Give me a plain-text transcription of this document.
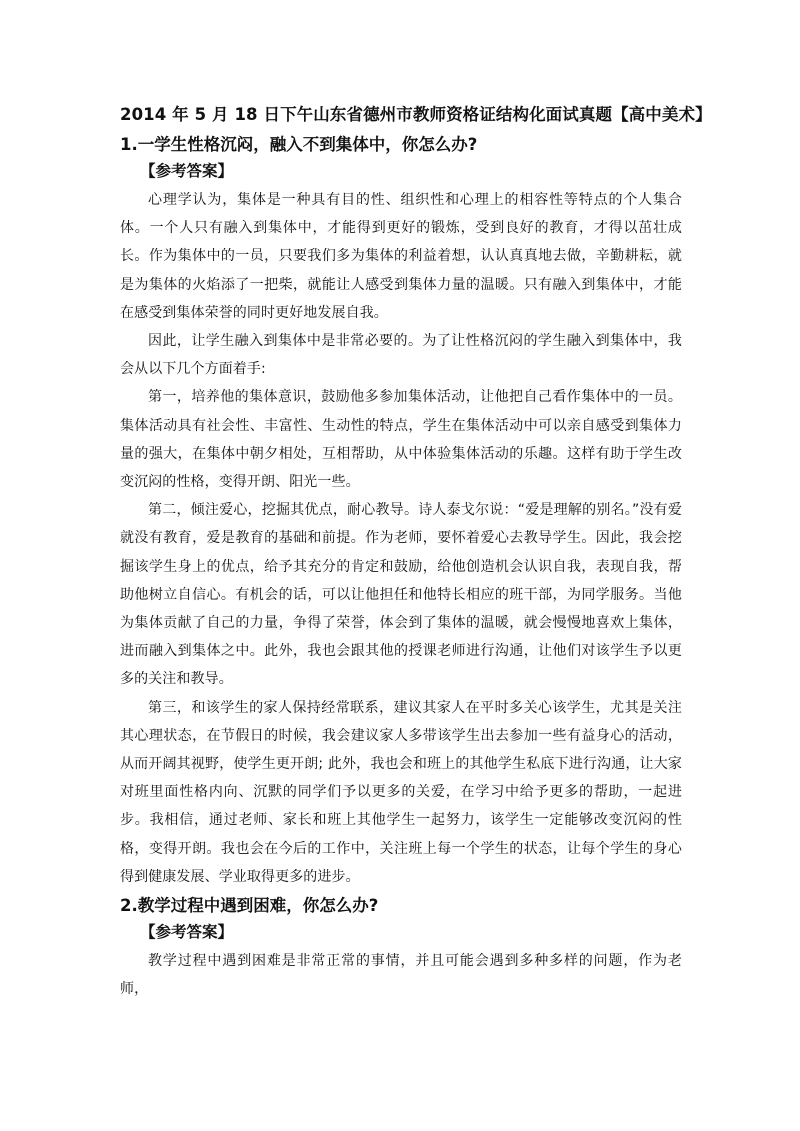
2014 年 5 月 18 日下午山东省德州市教师资格证结构化面试真题【高中美术】
1.一学生性格沉闷，融入不到集体中，你怎么办?
【参考答案】

心理学认为，集体是一种具有目的性、组织性和心理上的相容性等特点的个人集合体。一个人只有融入到集体中，才能得到更好的锻炼，受到良好的教育，才得以茁壮成长。作为集体中的一员，只要我们多为集体的利益着想，认认真真地去做，辛勤耕耘，就是为集体的火焰添了一把柴，就能让人感受到集体力量的温暖。只有融入到集体中，才能在感受到集体荣誉的同时更好地发展自我。

因此，让学生融入到集体中是非常必要的。为了让性格沉闷的学生融入到集体中，我会从以下几个方面着手:

第一，培养他的集体意识，鼓励他多参加集体活动，让他把自己看作集体中的一员。集体活动具有社会性、丰富性、生动性的特点，学生在集体活动中可以亲自感受到集体力量的强大，在集体中朝夕相处，互相帮助，从中体验集体活动的乐趣。这样有助于学生改变沉闷的性格，变得开朗、阳光一些。

第二，倾注爱心，挖掘其优点，耐心教导。诗人泰戈尔说：“爱是理解的别名。”没有爱就没有教育，爱是教育的基础和前提。作为老师，要怀着爱心去教导学生。因此，我会挖掘该学生身上的优点，给予其充分的肯定和鼓励，给他创造机会认识自我，表现自我，帮助他树立自信心。有机会的话，可以让他担任和他特长相应的班干部，为同学服务。当他为集体贡献了自己的力量，争得了荣誉，体会到了集体的温暖，就会慢慢地喜欢上集体，进而融入到集体之中。此外，我也会跟其他的授课老师进行沟通，让他们对该学生予以更多的关注和教导。

第三，和该学生的家人保持经常联系，建议其家人在平时多关心该学生，尤其是关注其心理状态，在节假日的时候，我会建议家人多带该学生出去参加一些有益身心的活动，从而开阔其视野，使学生更开朗; 此外，我也会和班上的其他学生私底下进行沟通，让大家对班里面性格内向、沉默的同学们予以更多的关爱，在学习中给予更多的帮助，一起进步。我相信，通过老师、家长和班上其他学生一起努力，该学生一定能够改变沉闷的性格，变得开朗。我也会在今后的工作中，关注班上每一个学生的状态，让每个学生的身心得到健康发展、学业取得更多的进步。

2.教学过程中遇到困难，你怎么办?
【参考答案】

教学过程中遇到困难是非常正常的事情，并且可能会遇到多种多样的问题，作为老师，
